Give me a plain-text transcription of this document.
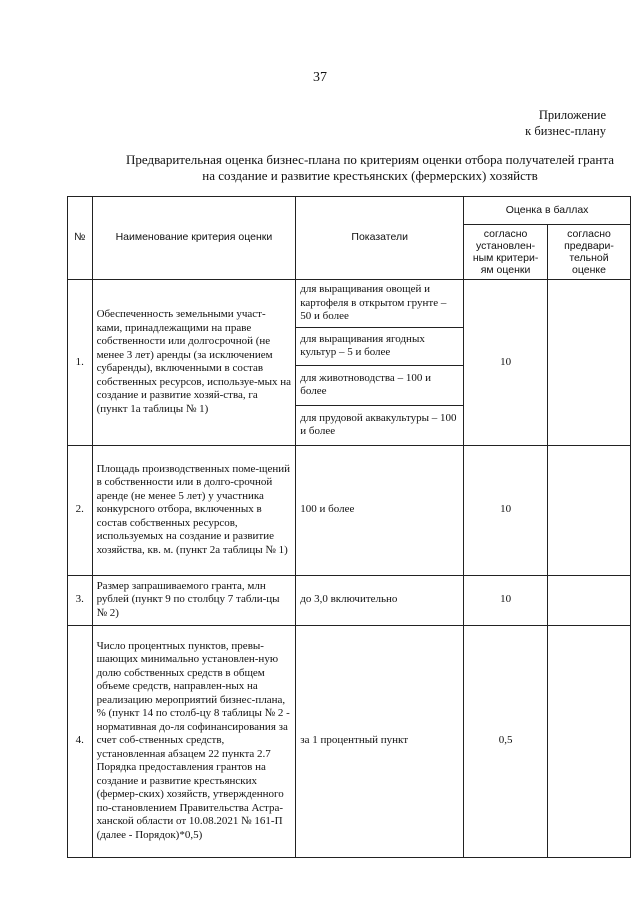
37
Приложение
к бизнес-плану
Предварительная оценка бизнес-плана по критериям оценки отбора получателей гранта
на создание и развитие крестьянских (фермерских) хозяйств
№	Наименование критерия оценки	Показатели	Оценка в баллах	
			согласно установлен-ным критери-ям оценки	согласно предвари-тельной оценке
1.	Обеспеченность земельными участ-ками, принадлежащими на праве собственности или долгосрочной (не менее 3 лет) аренды (за исключением субаренды), включенными в состав собственных ресурсов, используе-мых на создание и развитие хозяй-ства, га (пункт 1а таблицы № 1)	для выращивания овощей и картофеля в открытом грунте – 50 и более	10	
		для выращивания ягодных культур – 5 и более		
		для животноводства – 100 и более		
		для прудовой аквакультуры – 100 и более		
2.	Площадь производственных поме-щений в собственности или в долго-срочной аренде (не менее 5 лет) у участника конкурсного отбора, включенных в состав собственных ресурсов, используемых на создание и развитие хозяйства, кв. м. (пункт 2а таблицы № 1)	100 и более	10	
3.	Размер запрашиваемого гранта, млн рублей (пункт 9 по столбцу 7 табли-цы № 2)	до 3,0 включительно	10	
4.	Число процентных пунктов, превы-шающих минимально установлен-ную долю собственных средств в общем объеме средств, направлен-ных на реализацию мероприятий бизнес-плана, % (пункт 14 по столб-цу 8 таблицы № 2 - нормативная до-ля софинансирования за счет соб-ственных средств, установленная абзацем 22 пункта 2.7 Порядка предоставления грантов на создание и развитие крестьянских (фермер-ских) хозяйств, утвержденного по-становлением Правительства Астра-ханской области от 10.08.2021 № 161-П (далее - Порядок)*0,5)	за 1 процентный пункт	0,5	
